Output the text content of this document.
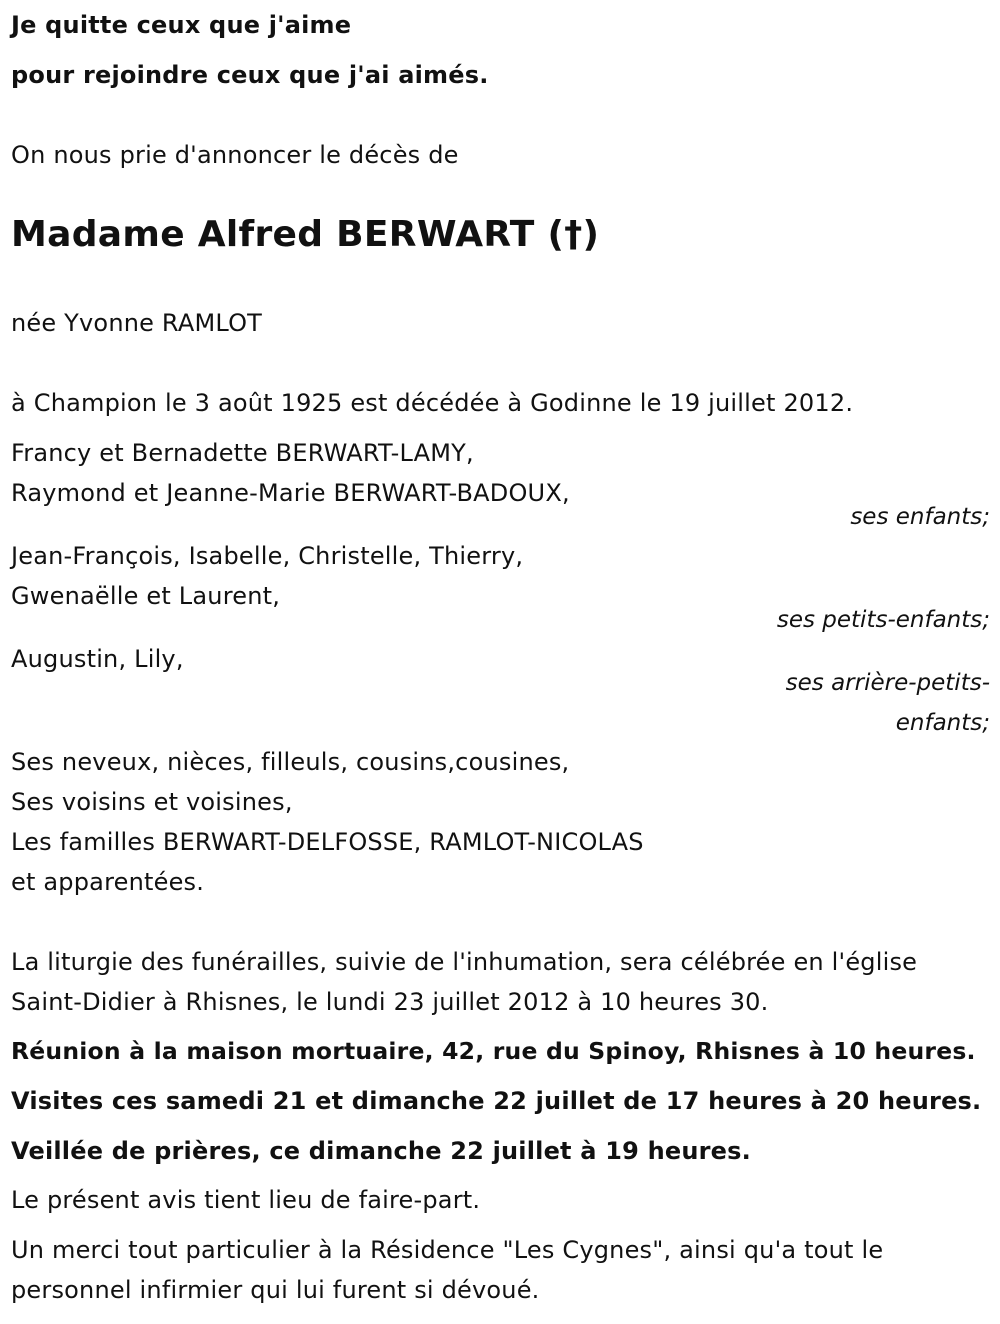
Je quitte ceux que j'aime
pour rejoindre ceux que j'ai aimés.
On nous prie d'annoncer le décès de
Madame Alfred BERWART (†)
née Yvonne RAMLOT
à Champion le 3 août 1925 est décédée à Godinne le 19 juillet 2012.
Francy et Bernadette BERWART-LAMY,
Raymond et Jeanne-Marie BERWART-BADOUX,
ses enfants;
Jean-François, Isabelle, Christelle, Thierry,
Gwenaëlle et Laurent,
ses petits-enfants;
Augustin, Lily,
ses arrière-petits-
enfants;
Ses neveux, nièces, filleuls, cousins,cousines,
Ses voisins et voisines,
Les familles BERWART-DELFOSSE, RAMLOT-NICOLAS
et apparentées.
La liturgie des funérailles, suivie de l'inhumation, sera célébrée en l'église
Saint-Didier à Rhisnes, le lundi 23 juillet 2012 à 10 heures 30.
Réunion à la maison mortuaire, 42, rue du Spinoy, Rhisnes à 10 heures.
Visites ces samedi 21 et dimanche 22 juillet de 17 heures à 20 heures.
Veillée de prières, ce dimanche 22 juillet à 19 heures.
Le présent avis tient lieu de faire-part.
Un merci tout particulier à la Résidence "Les Cygnes", ainsi qu'a tout le
personnel infirmier qui lui furent si dévoué.
